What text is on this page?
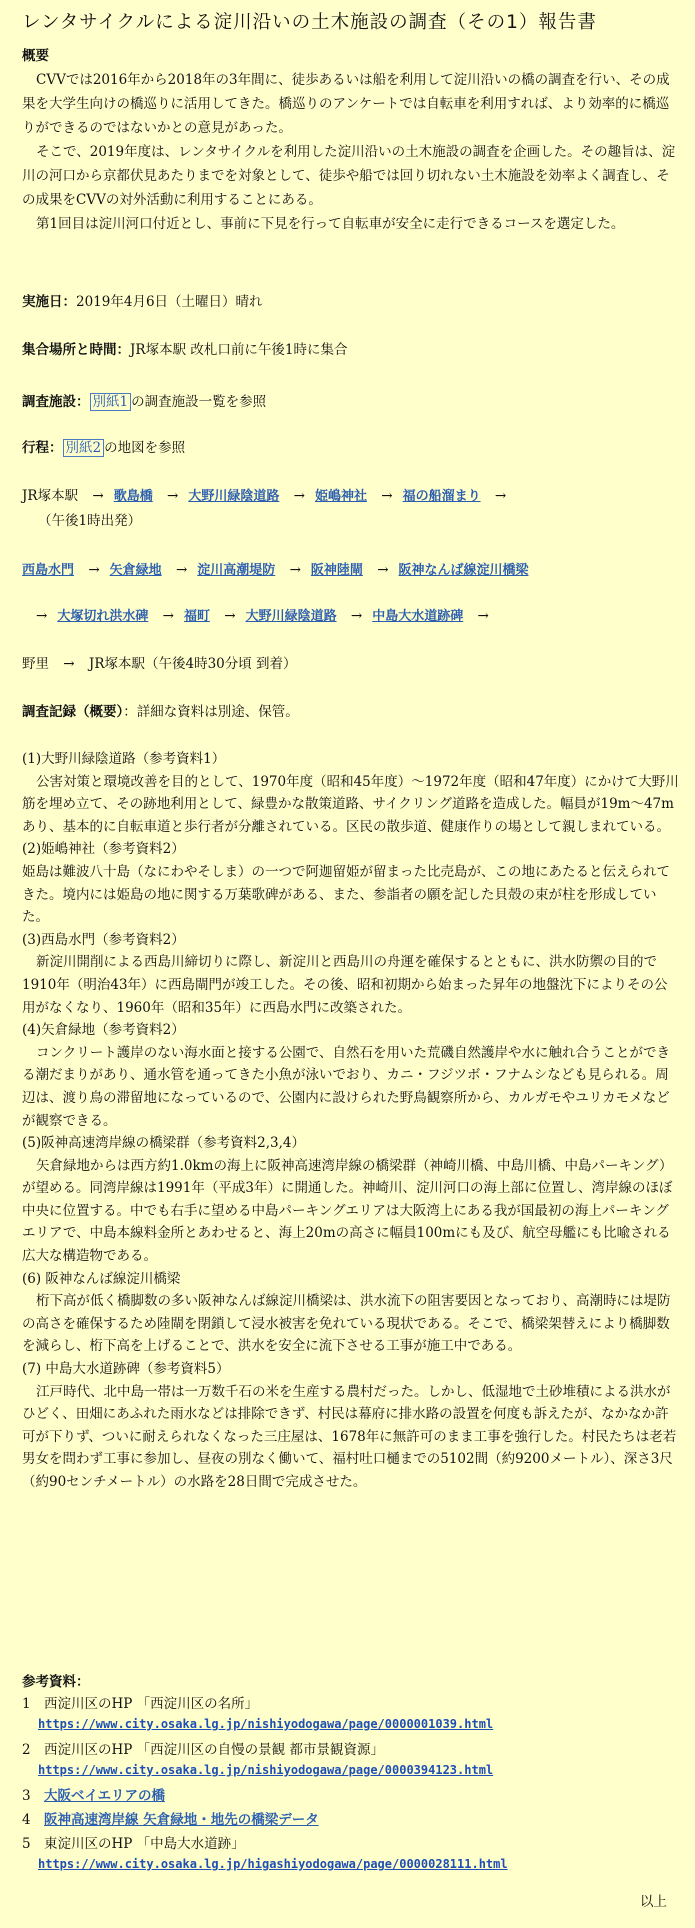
レンタサイクルによる淀川沿いの土木施設の調査（その1）報告書
概要
CVVでは2016年から2018年の3年間に、徒歩あるいは船を利用して淀川沿いの橋の調査を行い、その成果を大学生向けの橋巡りに活用してきた。橋巡りのアンケートでは自転車を利用すれば、より効率的に橋巡りができるのではないかとの意見があった。
そこで、2019年度は、レンタサイクルを利用した淀川沿いの土木施設の調査を企画した。その趣旨は、淀川の河口から京都伏見あたりまでを対象として、徒歩や船では回り切れない土木施設を効率よく調査し、その成果をCVVの対外活動に利用することにある。
第1回目は淀川河口付近とし、事前に下見を行って自転車が安全に走行できるコースを選定した。
実施日：2019年4月6日（土曜日）晴れ
集合場所と時間：JR塚本駅 改札口前に午後1時に集合
調査施設： 別紙1 の調査施設一覧を参照
行程： 別紙2 の地図を参照
JR塚本駅 → 歌島橋 → 大野川緑陰道路 → 姫嶋神社 → 福の船溜まり →
（午後1時出発）
西島水門 → 矢倉緑地 → 淀川高潮堤防 → 阪神陸閘 → 阪神なんば線淀川橋梁
→ 大塚切れ洪水碑 → 福町 → 大野川緑陰道路 → 中島大水道跡碑 →
野里 → JR塚本駅（午後4時30分頃 到着）
調査記録（概要）：詳細な資料は別途、保管。
(1)大野川緑陰道路（参考資料1）
公害対策と環境改善を目的として、1970年度（昭和45年度）～1972年度（昭和47年度）にかけて大野川筋を埋め立て、その跡地利用として、緑豊かな散策道路、サイクリング道路を造成した。幅員が19m～47mあり、基本的に自転車道と歩行者が分離されている。区民の散歩道、健康作りの場として親しまれている。
(2)姫嶋神社（参考資料2）
姫島は難波八十島（なにわやそしま）の一つで阿迦留姫が留まった比売島が、この地にあたると伝えられてきた。境内には姫島の地に関する万葉歌碑がある、また、参詣者の願を記した貝殻の束が柱を形成していた。
(3)西島水門（参考資料2）
新淀川開削による西島川締切りに際し、新淀川と西島川の舟運を確保するとともに、洪水防禦の目的で1910年（明治43年）に西島閘門が竣工した。その後、昭和初期から始まった昇年の地盤沈下によりその公用がなくなり、1960年（昭和35年）に西島水門に改築された。
(4)矢倉緑地（参考資料2）
コンクリート護岸のない海水面と接する公園で、自然石を用いた荒磯自然護岸や水に触れ合うことができる潮だまりがあり、通水管を通ってきた小魚が泳いでおり、カニ・フジツボ・フナムシなども見られる。周辺は、渡り鳥の滞留地になっているので、公園内に設けられた野鳥観察所から、カルガモやユリカモメなどが観察できる。
(5)阪神高速湾岸線の橋梁群（参考資料2,3,4）
矢倉緑地からは西方約1.0kmの海上に阪神高速湾岸線の橋梁群（神崎川橋、中島川橋、中島パーキング）が望める。同湾岸線は1991年（平成3年）に開通した。神崎川、淀川河口の海上部に位置し、湾岸線のほぼ中央に位置する。中でも右手に望める中島パーキングエリアは大阪湾上にある我が国最初の海上パーキングエリアで、中島本線料金所とあわせると、海上20mの高さに幅員100mにも及び、航空母艦にも比喩される広大な構造物である。
(6) 阪神なんば線淀川橋梁
桁下高が低く橋脚数の多い阪神なんば線淀川橋梁は、洪水流下の阻害要因となっており、高潮時には堤防の高さを確保するため陸閘を閉鎖して浸水被害を免れている現状である。そこで、橋梁架替えにより橋脚数を減らし、桁下高を上げることで、洪水を安全に流下させる工事が施工中である。
(7) 中島大水道跡碑（参考資料5）
江戸時代、北中島一帯は一万数千石の米を生産する農村だった。しかし、低湿地で土砂堆積による洪水がひどく、田畑にあふれた雨水などは排除できず、村民は幕府に排水路の設置を何度も訴えたが、なかなか許可が下りず、ついに耐えられなくなった三庄屋は、1678年に無許可のまま工事を強行した。村民たちは老若男女を問わず工事に参加し、昼夜の別なく働いて、福村吐口樋までの5102間（約9200メートル）、深さ3尺（約90センチメートル）の水路を28日間で完成させた。
参考資料：
1 西淀川区のHP 「西淀川区の名所」
https://www.city.osaka.lg.jp/nishiyodogawa/page/0000001039.html
2 西淀川区のHP 「西淀川区の自慢の景観 都市景観資源」
https://www.city.osaka.lg.jp/nishiyodogawa/page/0000394123.html
3 大阪ベイエリアの橋
4 阪神高速湾岸線 矢倉緑地・地先の橋梁データ
5 東淀川区のHP 「中島大水道跡」
https://www.city.osaka.lg.jp/higashiyodogawa/page/0000028111.html
以上
